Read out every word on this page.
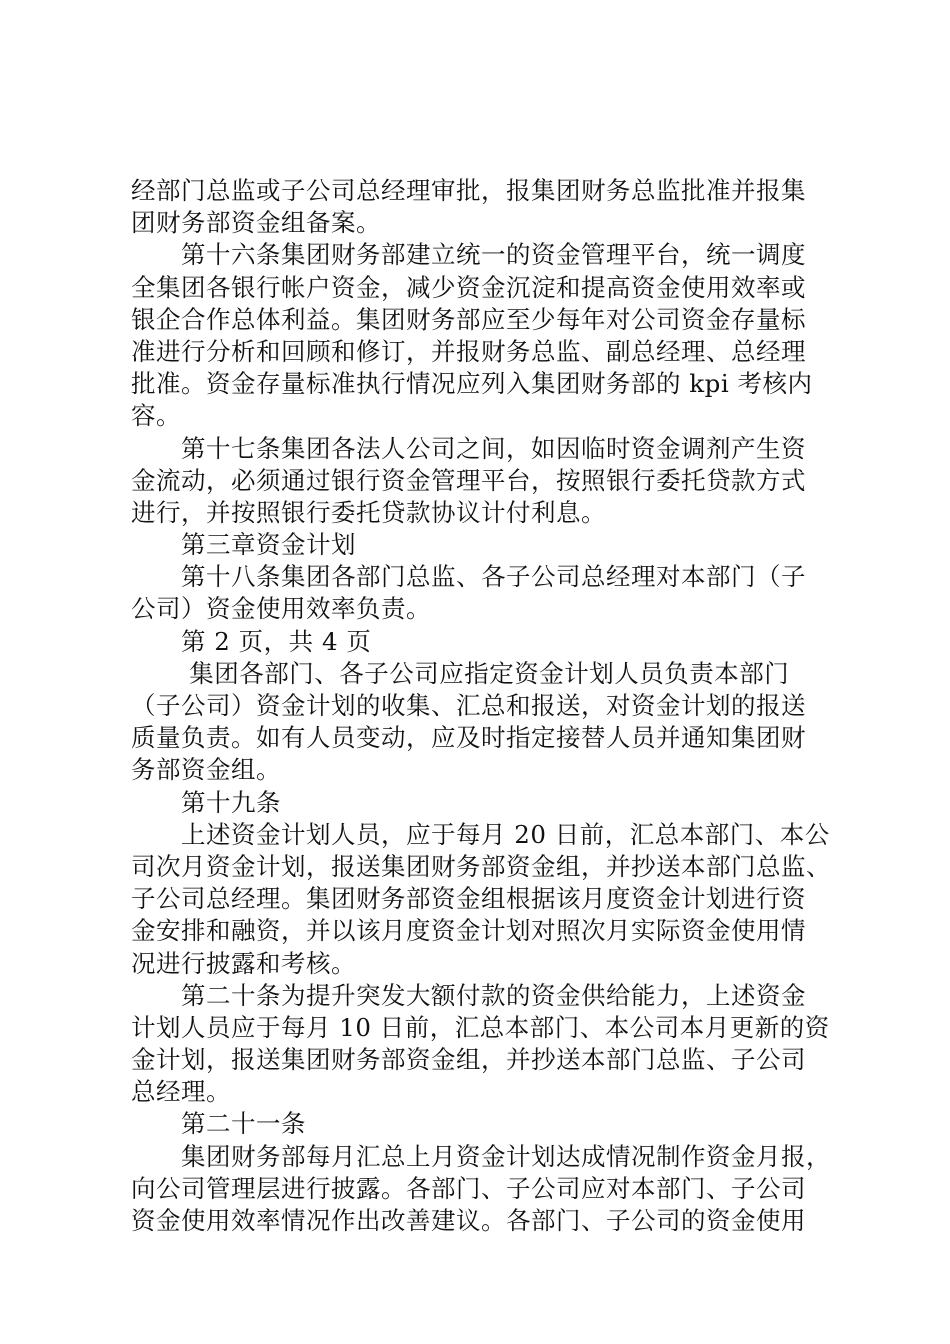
经部门总监或子公司总经理审批，报集团财务总监批准并报集
团财务部资金组备案。
　　第十六条集团财务部建立统一的资金管理平台，统一调度
全集团各银行帐户资金，减少资金沉淀和提高资金使用效率或
银企合作总体利益。集团财务部应至少每年对公司资金存量标
准进行分析和回顾和修订，并报财务总监、副总经理、总经理
批准。资金存量标准执行情况应列入集团财务部的 kpi 考核内
容。
　　第十七条集团各法人公司之间，如因临时资金调剂产生资
金流动，必须通过银行资金管理平台，按照银行委托贷款方式
进行，并按照银行委托贷款协议计付利息。
　　第三章资金计划
　　第十八条集团各部门总监、各子公司总经理对本部门（子
公司）资金使用效率负责。
　　第 2 页，共 4 页
　　 集团各部门、各子公司应指定资金计划人员负责本部门
（子公司）资金计划的收集、汇总和报送，对资金计划的报送
质量负责。如有人员变动，应及时指定接替人员并通知集团财
务部资金组。
　　第十九条
　　上述资金计划人员，应于每月 20 日前，汇总本部门、本公
司次月资金计划，报送集团财务部资金组，并抄送本部门总监、
子公司总经理。集团财务部资金组根据该月度资金计划进行资
金安排和融资，并以该月度资金计划对照次月实际资金使用情
况进行披露和考核。
　　第二十条为提升突发大额付款的资金供给能力，上述资金
计划人员应于每月 10 日前，汇总本部门、本公司本月更新的资
金计划，报送集团财务部资金组，并抄送本部门总监、子公司
总经理。
　　第二十一条
　　集团财务部每月汇总上月资金计划达成情况制作资金月报，
向公司管理层进行披露。各部门、子公司应对本部门、子公司
资金使用效率情况作出改善建议。各部门、子公司的资金使用
